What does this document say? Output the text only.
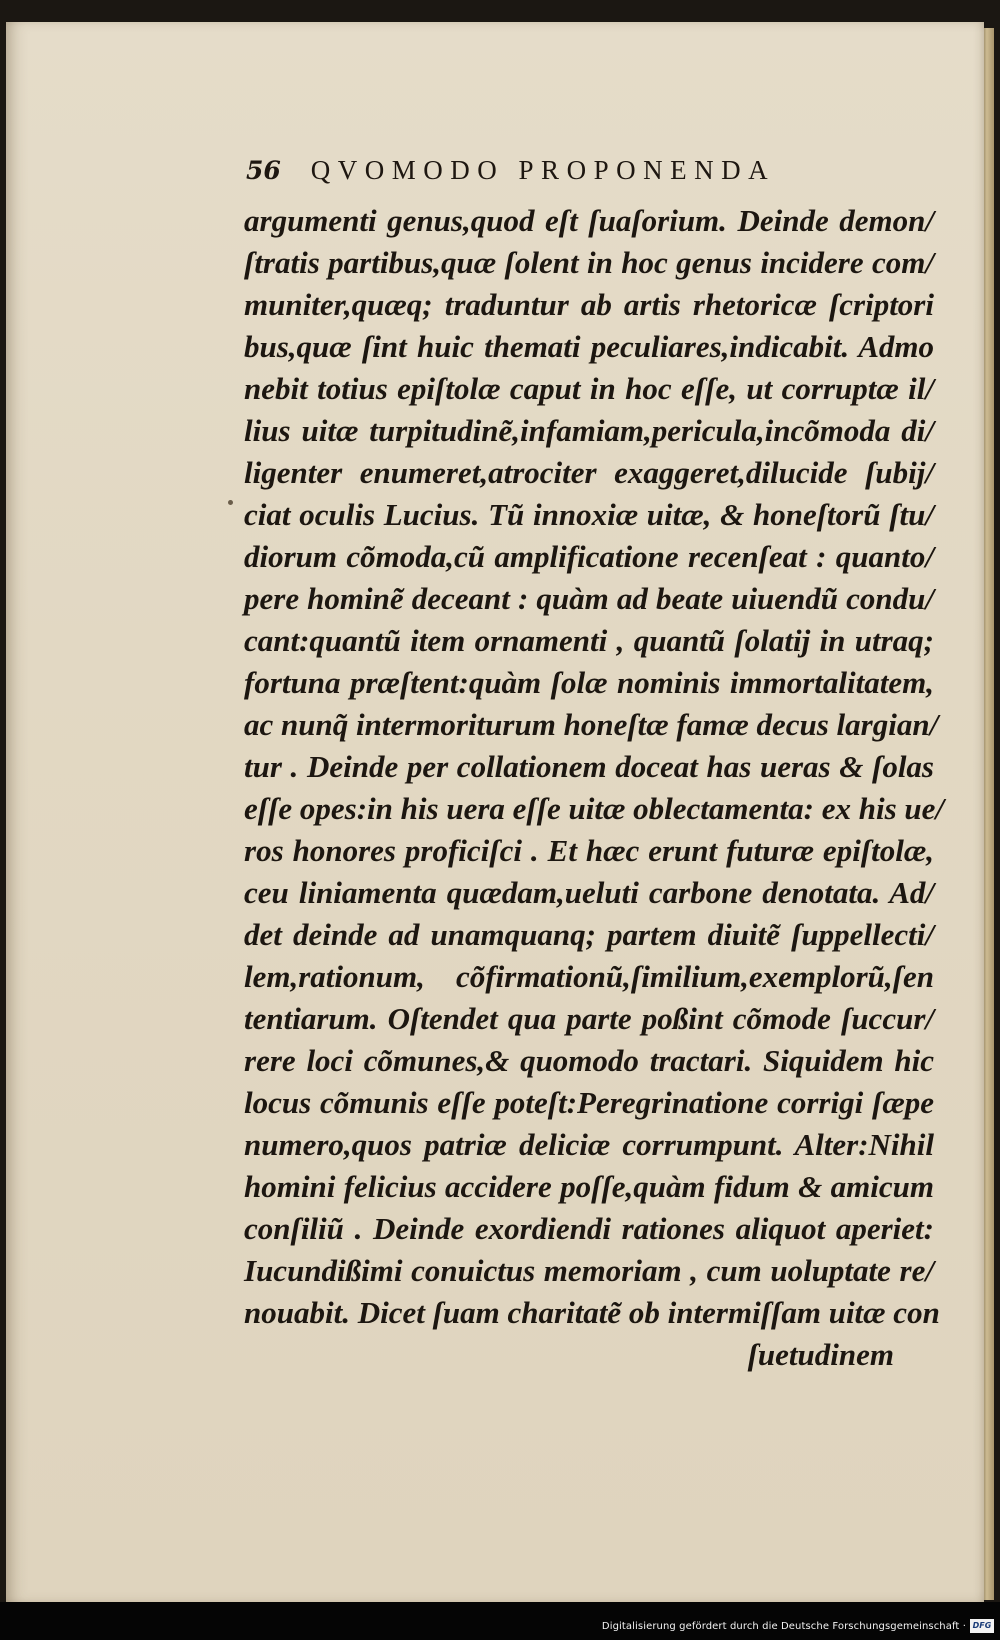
56 QVOMODO PROPONENDA
argumenti genus,quod eſt ſuaſorium. Deinde demon/
ſtratis partibus,quæ ſolent in hoc genus incidere com/
muniter,quæq; traduntur ab artis rhetoricæ ſcriptori
bus,quæ ſint huic themati peculiares,indicabit. Admo
nebit totius epiſtolæ caput in hoc eſſe, ut corruptæ il/
lius uitæ turpitudinẽ,infamiam,pericula,incõmoda di/
ligenter enumeret,atrociter exaggeret,dilucide ſubij/
ciat oculis Lucius. Tũ innoxiæ uitæ, & honeſtorũ ſtu/
diorum cõmoda,cũ amplificatione recenſeat : quanto/
pere hominẽ deceant : quàm ad beate uiuendũ condu/
cant:quantũ item ornamenti , quantũ ſolatij in utraq;
fortuna præſtent:quàm ſolæ nominis immortalitatem,
ac nunq̃ intermoriturum honeſtæ famæ decus largian/
tur . Deinde per collationem doceat has ueras & ſolas
eſſe opes:in his uera eſſe uitæ oblectamenta: ex his ue/
ros honores proficiſci . Et hæc erunt futuræ epiſtolæ,
ceu liniamenta quædam,ueluti carbone denotata. Ad/
det deinde ad unamquanq; partem diuitẽ ſuppellecti/
lem,rationum, cõfirmationũ,ſimilium,exemplorũ,ſen
tentiarum. Oſtendet qua parte poßint cõmode ſuccur/
rere loci cõmunes,& quomodo tractari. Siquidem hic
locus cõmunis eſſe poteſt:Peregrinatione corrigi ſæpe
numero,quos patriæ deliciæ corrumpunt. Alter:Nihil
homini felicius accidere poſſe,quàm fidum & amicum
conſiliũ . Deinde exordiendi rationes aliquot aperiet:
Iucundißimi conuictus memoriam , cum uoluptate re/
nouabit. Dicet ſuam charitatẽ ob intermiſſam uitæ con
ſuetudinem
Digitalisierung gefördert durch die Deutsche Forschungsgemeinschaft · DFG
